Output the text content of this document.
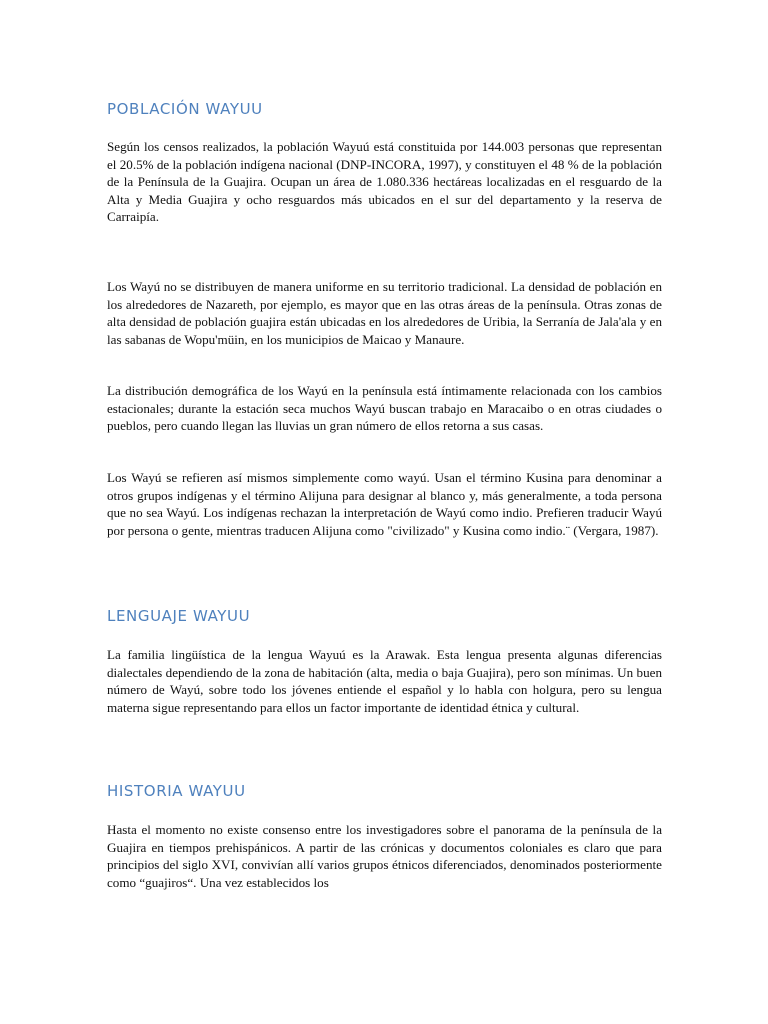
POBLACIÓN WAYUU

Según los censos realizados, la población Wayuú está constituida por 144.003 personas que representan el 20.5% de la población indígena nacional (DNP-INCORA, 1997), y constituyen el 48 % de la población de la Península de la Guajira. Ocupan un área de 1.080.336 hectáreas localizadas en el resguardo de la Alta y Media Guajira y ocho resguardos más ubicados en el sur del departamento y la reserva de Carraipía.

Los Wayú no se distribuyen de manera uniforme en su territorio tradicional. La densidad de población en los alrededores de Nazareth, por ejemplo, es mayor que en las otras áreas de la península. Otras zonas de alta densidad de población guajira están ubicadas en los alrededores de Uribia, la Serranía de Jala'ala y en las sabanas de Wopu'müin, en los municipios de Maicao y Manaure.

La distribución demográfica de los Wayú en la península está íntimamente relacionada con los cambios estacionales; durante la estación seca muchos Wayú buscan trabajo en Maracaibo o en otras ciudades o pueblos, pero cuando llegan las lluvias un gran número de ellos retorna a sus casas.

Los Wayú se refieren así mismos simplemente como wayú. Usan el término Kusina para denominar a otros grupos indígenas y el término Alijuna para designar al blanco y, más generalmente, a toda persona que no sea Wayú. Los indígenas rechazan la interpretación de Wayú como indio. Prefieren traducir Wayú por persona o gente, mientras traducen Alijuna como "civilizado" y Kusina como indio.¨ (Vergara, 1987).

LENGUAJE WAYUU

La familia lingüística de la lengua Wayuú es la Arawak. Esta lengua presenta algunas diferencias dialectales dependiendo de la zona de habitación (alta, media o baja Guajira), pero son mínimas. Un buen número de Wayú, sobre todo los jóvenes entiende el español y lo habla con holgura, pero su lengua materna sigue representando para ellos un factor importante de identidad étnica y cultural.

HISTORIA WAYUU

Hasta el momento no existe consenso entre los investigadores sobre el panorama de la península de la Guajira en tiempos prehispánicos. A partir de las crónicas y documentos coloniales es claro que para principios del siglo XVI, convivían allí varios grupos étnicos diferenciados, denominados posteriormente como “guajiros“. Una vez establecidos los
